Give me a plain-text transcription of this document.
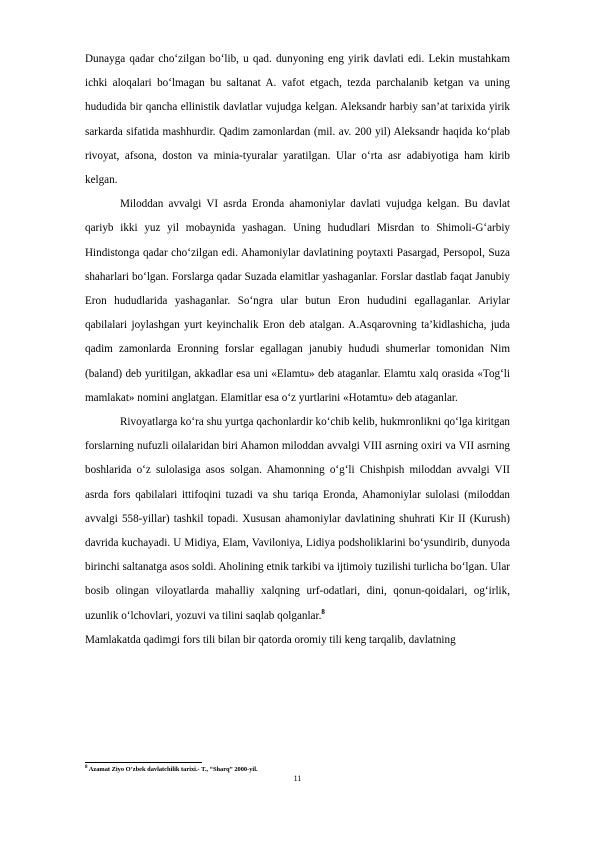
Dunayga qadar cho‘zilgan bo‘lib, u qad. dunyoning eng yirik davlati edi. Lekin mustahkam ichki aloqalari bo‘lmagan bu saltanat A. vafot etgach, tezda parchalanib ketgan va uning hududida bir qancha ellinistik davlatlar vujudga kelgan. Aleksandr harbiy san’at tarixida yirik sarkarda sifatida mashhurdir. Qadim zamonlardan (mil. av. 200 yil) Aleksandr haqida ko‘plab rivoyat, afsona, doston va minia-tyuralar yaratilgan. Ular o‘rta asr adabiyotiga ham kirib kelgan.

Miloddan avvalgi VI asrda Eronda ahamoniylar davlati vujudga kelgan. Bu davlat qariyb ikki yuz yil mobaynida yashagan. Uning hududlari Misrdan to Shimoli-G‘arbiy Hindistonga qadar cho‘zilgan edi. Ahamoniylar davlatining poytaxti Pasargad, Persopol, Suza shaharlari bo‘lgan. Forslarga qadar Suzada elamitlar yashaganlar. Forslar dastlab faqat Janubiy Eron hududlarida yashaganlar. So‘ngra ular butun Eron hududini egallaganlar. Ariylar qabilalari joylashgan yurt keyinchalik Eron deb atalgan. A.Asqarovning ta’kidlashicha, juda qadim zamonlarda Eronning forslar egallagan janubiy hududi shumerlar tomonidan Nim (baland) deb yuritilgan, akkadlar esa uni «Elamtu» deb ataganlar. Elamtu xalq orasida «Tog‘li mamlakat» nomini anglatgan. Elamitlar esa o‘z yurtlarini «Hotamtu» deb ataganlar.

Rivoyatlarga ko‘ra shu yurtga qachonlardir ko‘chib kelib, hukmronlikni qo‘lga kiritgan forslarning nufuzli oilalaridan biri Ahamon miloddan avvalgi VIII asrning oxiri va VII asrning boshlarida o‘z sulolasiga asos solgan. Ahamonning o‘g‘li Chishpish miloddan avvalgi VII asrda fors qabilalari ittifoqini tuzadi va shu tariqa Eronda, Ahamoniylar sulolasi (miloddan avvalgi 558-yillar) tashkil topadi. Xususan ahamoniylar davlatining shuhrati Kir II (Kurush) davrida kuchayadi. U Midiya, Elam, Vaviloniya, Lidiya podsholiklarini bo‘ysundirib, dunyoda birinchi saltanatga asos soldi. Aholining etnik tarkibi va ijtimoiy tuzilishi turlicha bo‘lgan. Ular bosib olingan viloyatlarda mahalliy xalqning urf-odatlari, dini, qonun-qoidalari, og‘irlik, uzunlik o‘lchovlari, yozuvi va tilini saqlab qolganlar.$^8$

Mamlakatda qadimgi fors tili bilan bir qatorda oromiy tili keng tarqalib, davlatning

$^8$ Azamat Ziyo O’zbek davlatchilik tarixi.- T., “Sharq” 2000-yil.
11
